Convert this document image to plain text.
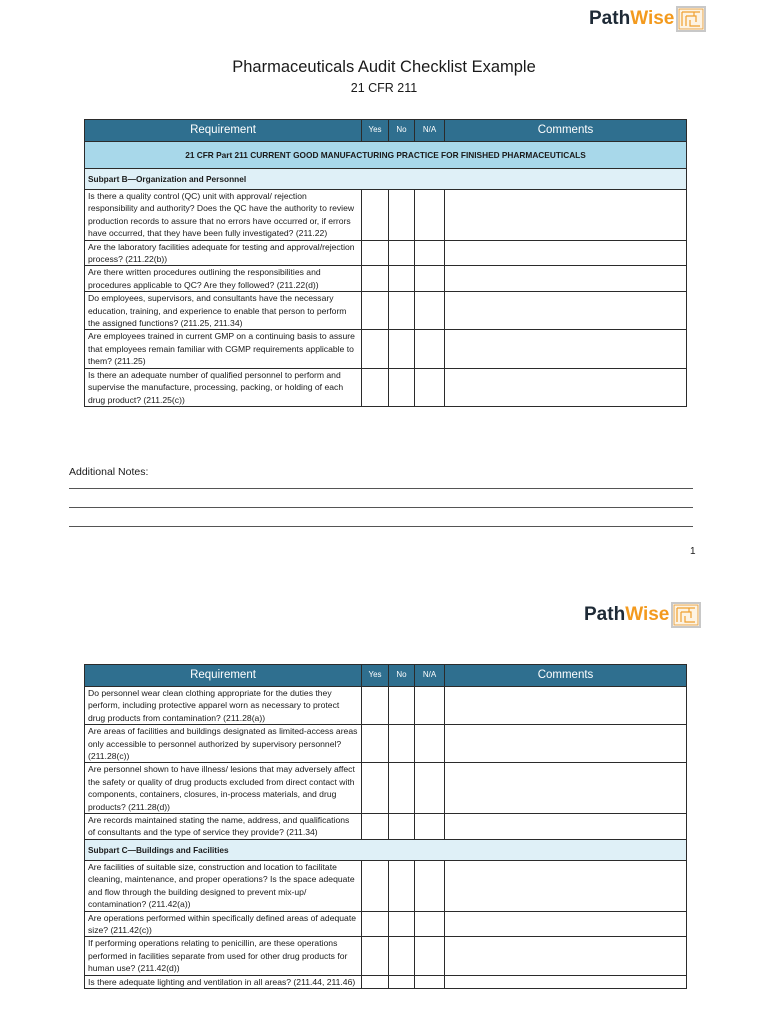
Path Wise
Pharmaceuticals Audit Checklist Example
21 CFR 211
Requirement	Yes	No	N/A	Comments
21 CFR Part 211 CURRENT GOOD MANUFACTURING PRACTICE FOR FINISHED PHARMACEUTICALS				
Subpart B—Organization and Personnel				
Is there a quality control (QC) unit with approval/ rejection responsibility and authority? Does the QC have the authority to review production records to assure that no errors have occurred or, if errors have occurred, that they have been fully investigated? (211.22)				
Are the laboratory facilities adequate for testing and approval/rejection process? (211.22(b))				
Are there written procedures outlining the responsibilities and procedures applicable to QC? Are they followed? (211.22(d))				
Do employees, supervisors, and consultants have the necessary education, training, and experience to enable that person to perform the assigned functions? (211.25, 211.34)				
Are employees trained in current GMP on a continuing basis to assure that employees remain familiar with CGMP requirements applicable to them? (211.25)				
Is there an adequate number of qualified personnel to perform and supervise the manufacture, processing, packing, or holding of each drug product? (211.25(c))				
Additional Notes:
1
Path Wise
Requirement	Yes	No	N/A	Comments
Do personnel wear clean clothing appropriate for the duties they perform, including protective apparel worn as necessary to protect drug products from contamination? (211.28(a))				
Are areas of facilities and buildings designated as limited-access areas only accessible to personnel authorized by supervisory personnel? (211.28(c))				
Are personnel shown to have illness/ lesions that may adversely affect the safety or quality of drug products excluded from direct contact with components, containers, closures, in-process materials, and drug products? (211.28(d))				
Are records maintained stating the name, address, and qualifications of consultants and the type of service they provide? (211.34)				
Subpart C—Buildings and Facilities				
Are facilities of suitable size, construction and location to facilitate cleaning, maintenance, and proper operations? Is the space adequate and flow through the building designed to prevent mix-up/ contamination? (211.42(a))				
Are operations performed within specifically defined areas of adequate size? (211.42(c))				
If performing operations relating to penicillin, are these operations performed in facilities separate from used for other drug products for human use? (211.42(d))				
Is there adequate lighting and ventilation in all areas? (211.44, 211.46)				
